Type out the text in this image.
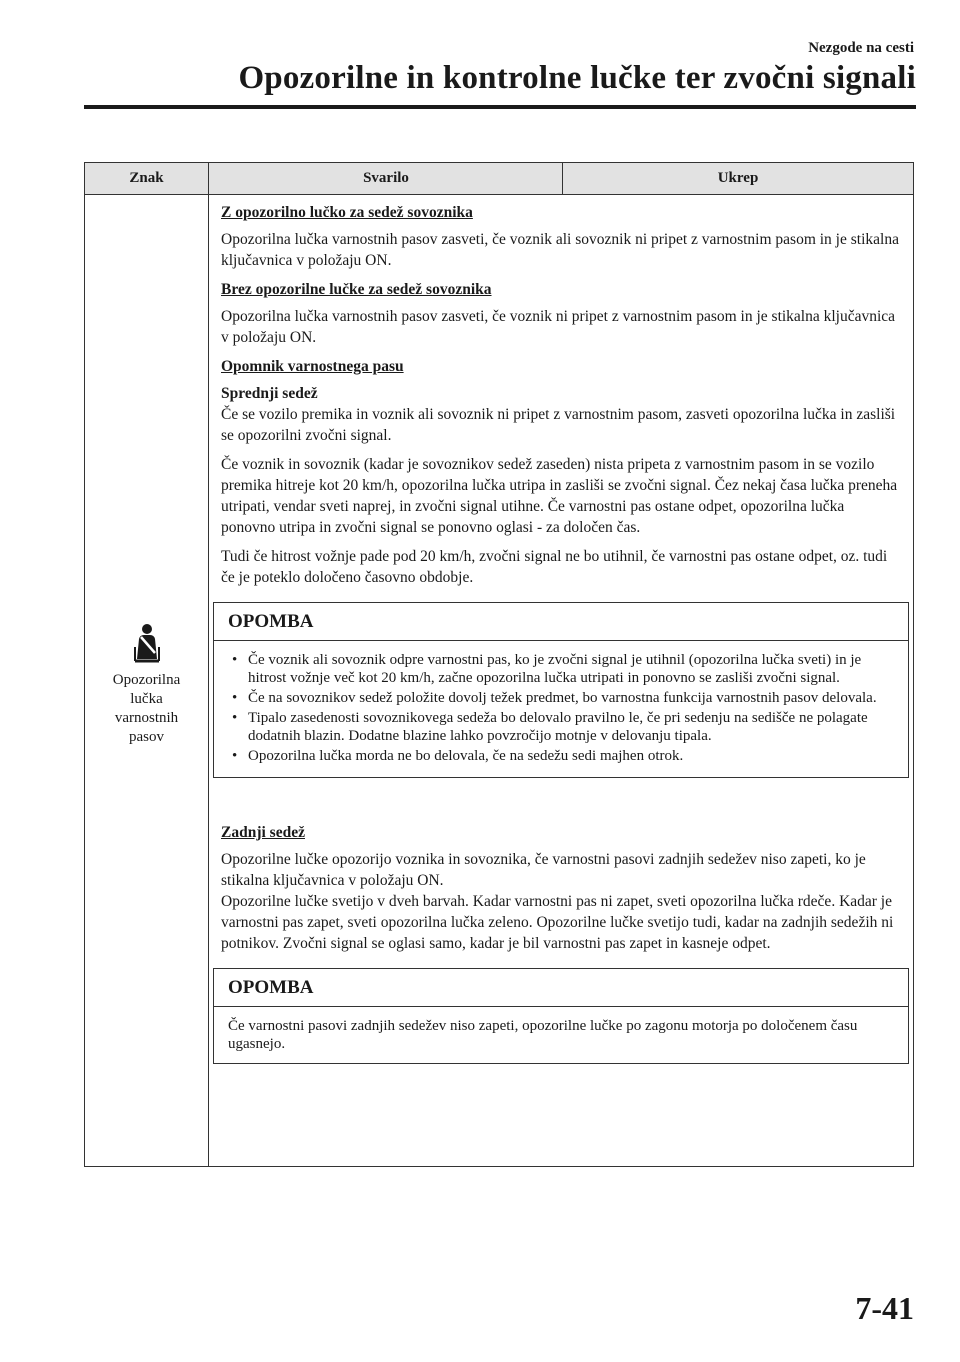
Nezgode na cesti
Opozorilne in kontrolne lučke ter zvočni signali
Znak	Svarilo	Ukrep
Opozorilna
lučka
varnostnih
pasov

Z opozorilno lučko za sedež sovoznika

Opozorilna lučka varnostnih pasov zasveti, če voznik ali sovoznik ni pripet z varnostnim pasom in je stikalna ključavnica v položaju ON.

Brez opozorilne lučke za sedež sovoznika

Opozorilna lučka varnostnih pasov zasveti, če voznik ni pripet z varnostnim pasom in je stikalna ključavnica v položaju ON.

Opomnik varnostnega pasu

Sprednji sedež

Če se vozilo premika in voznik ali sovoznik ni pripet z varnostnim pasom, zasveti opozorilna lučka in zasliši se opozorilni zvočni signal.

Če voznik in sovoznik (kadar je sovoznikov sedež zaseden) nista pripeta z varnostnim pasom in se vozilo premika hitreje kot 20 km/h, opozorilna lučka utripa in zasliši se zvočni signal. Čez nekaj časa lučka preneha utripati, vendar sveti naprej, in zvočni signal utihne. Če varnostni pas ostane odpet, opozorilna lučka ponovno utripa in zvočni signal se ponovno oglasi - za določen čas.

Tudi če hitrost vožnje pade pod 20 km/h, zvočni signal ne bo utihnil, če varnostni pas ostane odpet, oz. tudi če je poteklo določeno časovno obdobje.

OPOMBA
• Če voznik ali sovoznik odpre varnostni pas, ko je zvočni signal je utihnil (opozorilna lučka sveti) in je hitrost vožnje več kot 20 km/h, začne opozorilna lučka utripati in ponovno se zasliši zvočni signal.
• Če na sovoznikov sedež položite dovolj težek predmet, bo varnostna funkcija varnostnih pasov delovala.
• Tipalo zasedenosti sovoznikovega sedeža bo delovalo pravilno le, če pri sedenju na sedišče ne polagate dodatnih blazin. Dodatne blazine lahko povzročijo motnje v delovanju tipala.
• Opozorilna lučka morda ne bo delovala, če na sedežu sedi majhen otrok.

Zadnji sedež

Opozorilne lučke opozorijo voznika in sovoznika, če varnostni pasovi zadnjih sedežev niso zapeti, ko je stikalna ključavnica v položaju ON.

Opozorilne lučke svetijo v dveh barvah. Kadar varnostni pas ni zapet, sveti opozorilna lučka rdeče. Kadar je varnostni pas zapet, sveti opozorilna lučka zeleno. Opozorilne lučke svetijo tudi, kadar na zadnjih sedežih ni potnikov. Zvočni signal se oglasi samo, kadar je bil varnostni pas zapet in kasneje odpet.

OPOMBA
Če varnostni pasovi zadnjih sedežev niso zapeti, opozorilne lučke po zagonu motorja po določenem času ugasnejo.
7-41
